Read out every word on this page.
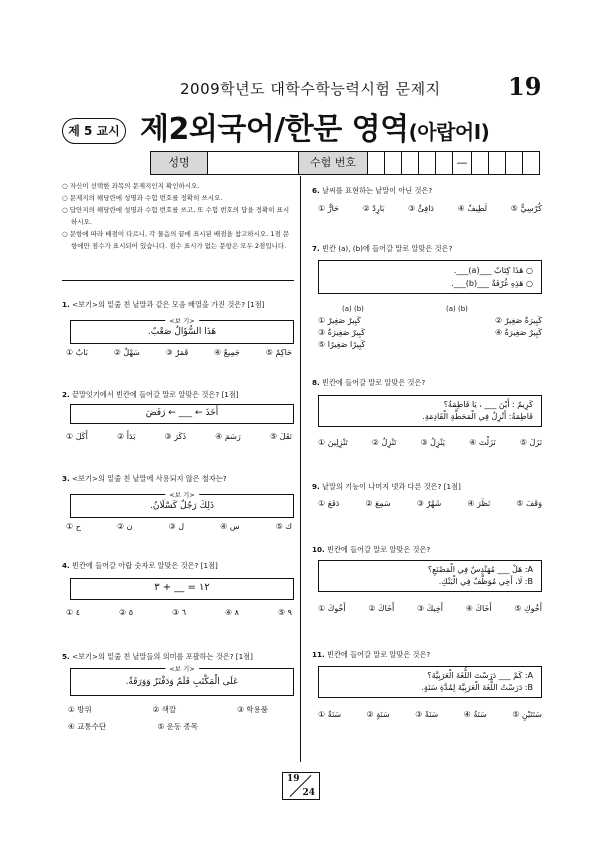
2009학년도 대학수학능력시험 문제지	19
제 5 교시 제2외국어/한문 영역(아랍어Ⅰ)
성명	수험 번호	—
○ 자신이 선택한 과목의 문제지인지 확인하시오.
○ 문제지의 해당란에 성명과 수험 번호를 정확히 쓰시오.
○ 답안지의 해당란에 성명과 수험 번호를 쓰고, 또 수험 번호의 답을 정확히 표시하시오.
○ 문항에 따라 배점이 다르니, 각 물음의 끝에 표시된 배점을 참고하시오. 1점 문항에만 점수가 표시되어 있습니다. 점수 표시가 없는 문항은 모두 2점입니다.
1. <보기>의 밑줄 친 낱말과 같은 모음 배열을 가진 것은? [1점]
<보 기>
هَذَا السُّؤَالُ صَعْبٌ.
① بَابٌ	② سَهْلٌ	③ قَمَرٌ	④ جَمِيعٌ	⑤ حَاكِمٌ
2. 끝말잇기에서 빈칸에 들어갈 말로 알맞은 것은? [1점]
أَخَذَ ← ___ ← رَفَضَ
① أَكَلَ	② بَدَأَ	③ ذَكَرَ	④ رَسَمَ	⑤ نَقَلَ
3. <보기>의 밑줄 친 낱말에 사용되지 않은 철자는?
<보 기>
ذَلِكَ رَجُلٌ كَسْلَانُ.
① ح	② ن	③ ل	④ س	⑤ ك
4. 빈칸에 들어갈 아랍 숫자로 알맞은 것은? [1점]
١٢ = __ + ٣
① ٤	② ٥	③ ٦	④ ٨	⑤ ٩
5. <보기>의 밑줄 친 낱말들의 의미를 포괄하는 것은? [1점]
<보 기>
عَلَى الْمَكْتَبِ قَلَمٌ وَدَفْتَرٌ وَوَرَقَةٌ.
① 방위	② 색깔	③ 학용품
④ 교통수단	⑤ 운동 종목
6. 날씨를 표현하는 낱말이 아닌 것은?
① حَارٌّ	② بَارِدٌ	③ دَافِئٌ	④ لَطِيفٌ	⑤ كُرْسِيٌّ
7. 빈칸 (a), (b)에 들어갈 말로 알맞은 것은?
○ هَذَا كِتَابٌ ___(a)___.
○ هَذِهِ غُرْفَةٌ ___(b)___.
(a) (b)	(a) (b)
① كَبِيرٌ صَغِيرٌ	② كَبِيرَةٌ صَغِيرٌ
③ كَبِيرٌ صَغِيرَةٌ	④ كَبِيرٌ صَغِيرَةٌ
⑤ كَبِيرًا صَغِيرًا
8. 빈칸에 들어갈 말로 알맞은 것은?
كَرِيمٌ : أَيْنَ ___ ، يَا فَاطِمَةُ؟
فَاطِمَةُ: أَنْزِلُ فِي الْمَحَطَّةِ الْقَادِمَةِ.
① تَنْزِلِينَ	② تَنْزِلُ	③ يَنْزِلُ	④ نَزَلْتَ	⑤ نَزَلَ
9. 낱말의 기능이 나머지 넷과 다른 것은? [1점]
① دَفَعَ	② سَمِعَ	③ شَهْرٌ	④ نَظَرَ	⑤ وَقَفَ
10. 빈칸에 들어갈 말로 알맞은 것은?
A: هَلْ ___ مُهَنْدِسٌ فِي الْمَصْنَعِ؟
B: لَا، أَخِي مُوَظَّفٌ فِي الْبَنْكِ.
① أَخُوكَ	② أَخَاكَ	③ أَخِيكَ	④ أَخَاكَ	⑤ أَخُوكِ
11. 빈칸에 들어갈 말로 알맞은 것은?
A: كَمْ ___ دَرَسْتَ اللُّغَةَ الْعَرَبِيَّةَ؟
B: دَرَسْتُ اللُّغَةَ الْعَرَبِيَّةَ لِمُدَّةِ سَنَةٍ.
① سَنَةٌ	② سَنَةٍ	③ سَنَةً	④ سَنَةُ	⑤ سَنَتَيْنِ
19
24
